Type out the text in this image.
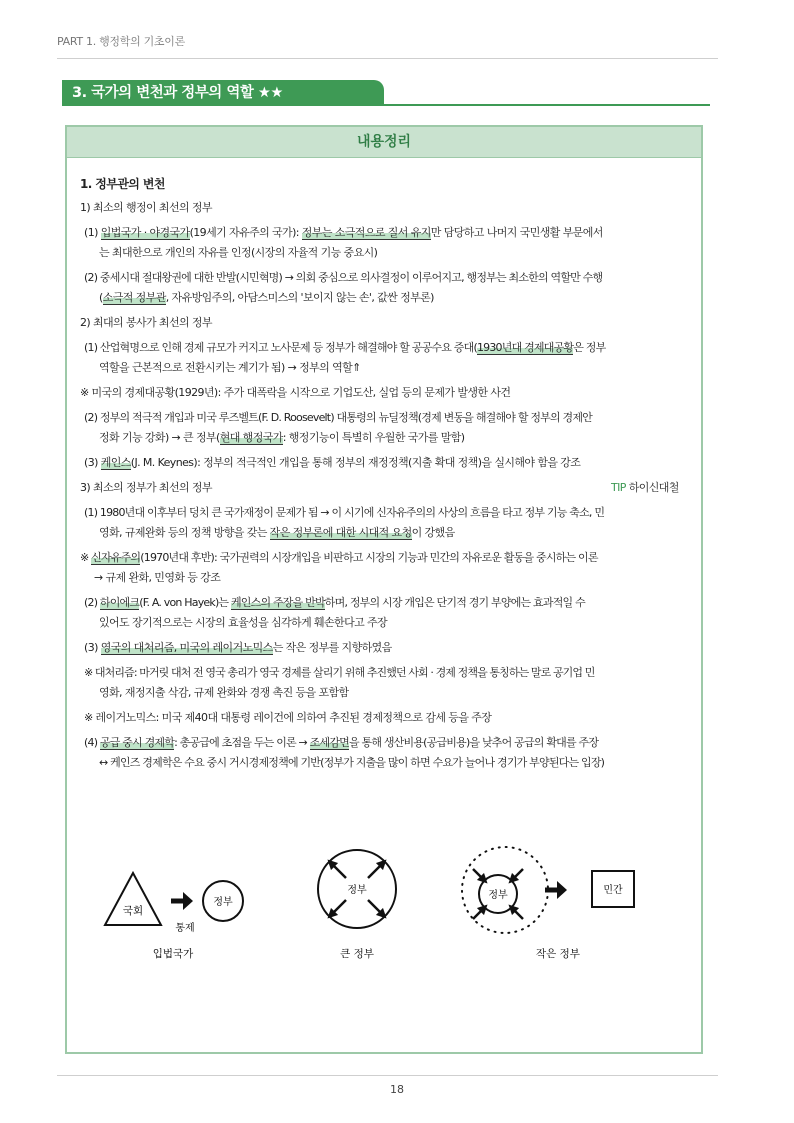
PART 1. 행정학의 기초이론
3. 국가의 변천과 정부의 역할 ★★
내용정리
1. 정부관의 변천
1) 최소의 행정이 최선의 정부
(1) 입법국가 · 야경국가(19세기 자유주의 국가): 정부는 소극적으로 질서 유지만 담당하고 나머지 국민생활 부문에서
는 최대한으로 개인의 자유를 인정(시장의 자율적 기능 중요시)
(2) 중세시대 절대왕권에 대한 반발(시민혁명) → 의회 중심으로 의사결정이 이루어지고, 행정부는 최소한의 역할만 수행
(소극적 정부관, 자유방임주의, 아담스미스의 '보이지 않는 손', 값싼 정부론)
2) 최대의 봉사가 최선의 정부
(1) 산업혁명으로 인해 경제 규모가 커지고 노사문제 등 정부가 해결해야 할 공공수요 증대(1930년대 경제대공황은 정부
역할을 근본적으로 전환시키는 계기가 됨) → 정부의 역할⇑
※ 미국의 경제대공황(1929년): 주가 대폭락을 시작으로 기업도산, 실업 등의 문제가 발생한 사건
(2) 정부의 적극적 개입과 미국 루즈벨트(F. D. Roosevelt) 대통령의 뉴딜정책(경제 변동을 해결해야 할 정부의 경제안
정화 기능 강화) → 큰 정부(현대 행정국가: 행정기능이 특별히 우월한 국가를 말함)
(3) 케인스(J. M. Keynes): 정부의 적극적인 개입을 통해 정부의 재정정책(지출 확대 정책)을 실시해야 함을 강조
3) 최소의 정부가 최선의 정부	TIP 하이신대철
(1) 1980년대 이후부터 덩치 큰 국가재정이 문제가 됨 → 이 시기에 신자유주의의 사상의 흐름을 타고 정부 기능 축소, 민
영화, 규제완화 등의 정책 방향을 갖는 작은 정부론에 대한 시대적 요청이 강했음
※ 신자유주의(1970년대 후반): 국가권력의 시장개입을 비판하고 시장의 기능과 민간의 자유로운 활동을 중시하는 이론
→ 규제 완화, 민영화 등 강조
(2) 하이에크(F. A. von Hayek)는 케인스의 주장을 반박하며, 정부의 시장 개입은 단기적 경기 부양에는 효과적일 수
있어도 장기적으로는 시장의 효율성을 심각하게 훼손한다고 주장
(3) 영국의 대처리즘, 미국의 레이거노믹스는 작은 정부를 지향하였음
※ 대처리즘: 마거릿 대처 전 영국 총리가 영국 경제를 살리기 위해 추진했던 사회 · 경제 정책을 통칭하는 말로 공기업 민
영화, 재정지출 삭감, 규제 완화와 경쟁 촉진 등을 포함함
※ 레이거노믹스: 미국 제40대 대통령 레이건에 의하여 추진된 경제정책으로 감세 등을 주장
(4) 공급 중시 경제학: 총공급에 초점을 두는 이론 → 조세감면을 통해 생산비용(공급비용)을 낮추어 공급의 확대를 주장
↔ 케인즈 경제학은 수요 중시 거시경제정책에 기반(정부가 지출을 많이 하면 수요가 늘어나 경기가 부양된다는 입장)
국회
통제
정부
입법국가
정부
큰 정부
정부	민간
작은 정부
18
